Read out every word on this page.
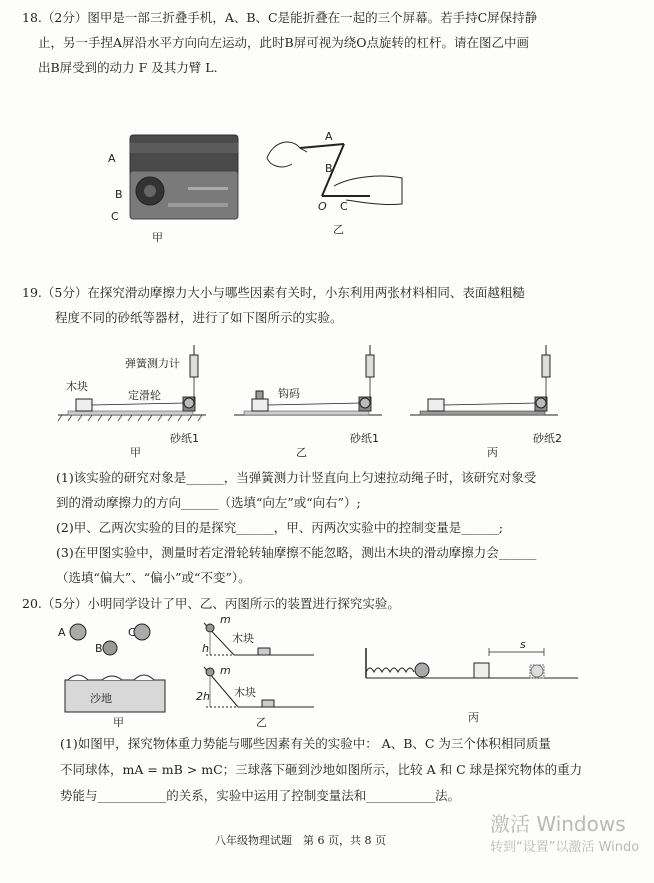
18.（2分）图甲是一部三折叠手机，A、B、C是能折叠在一起的三个屏幕。若手持C屏保持静
止，另一手捏A屏沿水平方向向左运动，此时B屏可视为绕O点旋转的杠杆。请在图乙中画
出B屏受到的动力 F 及其力臂 L.
A
B
C
甲
A
B
O C
乙
19.（5分）在探究滑动摩擦力大小与哪些因素有关时，小东利用两张材料相同、表面越粗糙
程度不同的砂纸等器材，进行了如下图所示的实验。
弹簧测力计
木块
定滑轮
砂纸1
甲
钩码
砂纸1
乙
砂纸2
丙
(1)该实验的研究对象是______，当弹簧测力计竖直向上匀速拉动绳子时，该研究对象受
到的滑动摩擦力的方向______（选填“向左”或“向右”）;
(2)甲、乙两次实验的目的是探究______，甲、丙两次实验中的控制变量是______;
(3)在甲图实验中，测量时若定滑轮转轴摩擦不能忽略，测出木块的滑动摩擦力会______
（选填“偏大”、“偏小”或“不变”）。
20.（5分）小明同学设计了甲、乙、丙图所示的装置进行探究实验。
A	C
B
沙地
甲
m
h
木块
m
2h 木块
乙
s
丙
(1)如图甲，探究物体重力势能与哪些因素有关的实验中： A、B、C 为三个体积相同质量
不同球体，mA = mB > mC；三球落下砸到沙地如图所示，比较 A 和 C 球是探究物体的重力
势能与___________的关系，实验中运用了控制变量法和___________法。
八年级物理试题　第 6 页，共 8 页
激活 Windows
转到“设置”以激活 Windo
